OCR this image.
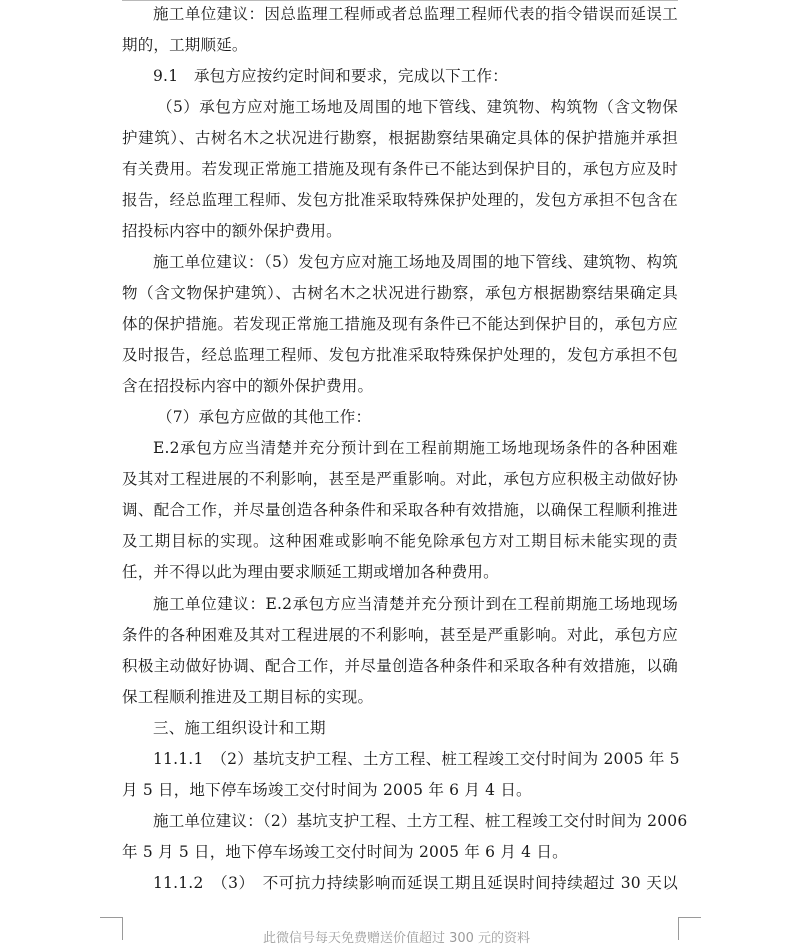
施工单位建议：因总监理工程师或者总监理工程师代表的指令错误而延误工
期的，工期顺延。
9.1　承包方应按约定时间和要求，完成以下工作：
（5）承包方应对施工场地及周围的地下管线、建筑物、构筑物（含文物保
护建筑）、古树名木之状况进行勘察，根据勘察结果确定具体的保护措施并承担
有关费用。若发现正常施工措施及现有条件已不能达到保护目的，承包方应及时
报告，经总监理工程师、发包方批准采取特殊保护处理的，发包方承担不包含在
招投标内容中的额外保护费用。
施工单位建议：（5）发包方应对施工场地及周围的地下管线、建筑物、构筑
物（含文物保护建筑）、古树名木之状况进行勘察，承包方根据勘察结果确定具
体的保护措施。若发现正常施工措施及现有条件已不能达到保护目的，承包方应
及时报告，经总监理工程师、发包方批准采取特殊保护处理的，发包方承担不包
含在招投标内容中的额外保护费用。
（7）承包方应做的其他工作：
E.2承包方应当清楚并充分预计到在工程前期施工场地现场条件的各种困难
及其对工程进展的不利影响，甚至是严重影响。对此，承包方应积极主动做好协
调、配合工作，并尽量创造各种条件和采取各种有效措施，以确保工程顺利推进
及工期目标的实现。这种困难或影响不能免除承包方对工期目标未能实现的责
任，并不得以此为理由要求顺延工期或增加各种费用。
施工单位建议：E.2承包方应当清楚并充分预计到在工程前期施工场地现场
条件的各种困难及其对工程进展的不利影响，甚至是严重影响。对此，承包方应
积极主动做好协调、配合工作，并尽量创造各种条件和采取各种有效措施，以确
保工程顺利推进及工期目标的实现。
三、施工组织设计和工期
11.1.1　（2）基坑支护工程、土方工程、桩工程竣工交付时间为 2005 年 5
月 5 日，地下停车场竣工交付时间为 2005 年 6 月 4 日。
施工单位建议：（2）基坑支护工程、土方工程、桩工程竣工交付时间为 2006
年 5 月 5 日，地下停车场竣工交付时间为 2005 年 6 月 4 日。
11.1.2　（3）　不可抗力持续影响而延误工期且延误时间持续超过 30 天以
此微信号每天免费赠送价值超过 300 元的资料
